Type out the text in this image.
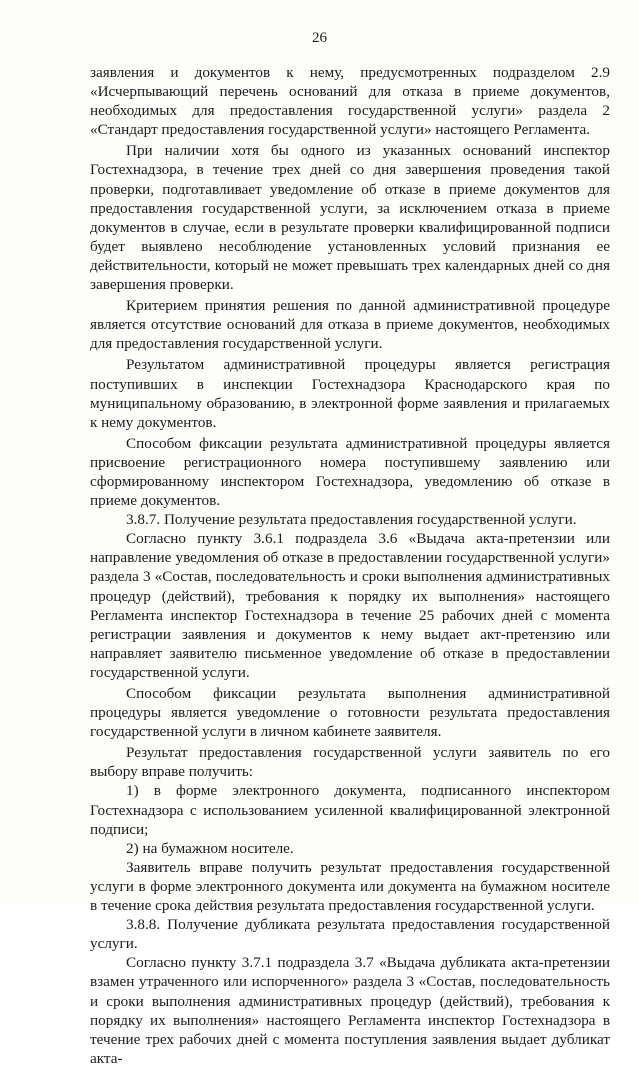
26

заявления и документов к нему, предусмотренных подразделом 2.9 «Исчерпывающий перечень оснований для отказа в приеме документов, необходимых для предоставления государственной услуги» раздела 2 «Стандарт предоставления государственной услуги» настоящего Регламента.

При наличии хотя бы одного из указанных оснований инспектор Гостехнадзора, в течение трех дней со дня завершения проведения такой проверки, подготавливает уведомление об отказе в приеме документов для предоставления государственной услуги, за исключением отказа в приеме документов в случае, если в результате проверки квалифицированной подписи будет выявлено несоблюдение установленных условий признания ее действительности, который не может превышать трех календарных дней со дня завершения проверки.

Критерием принятия решения по данной административной процедуре является отсутствие оснований для отказа в приеме документов, необходимых для предоставления государственной услуги.

Результатом административной процедуры является регистрация поступивших в инспекции Гостехнадзора Краснодарского края по муниципальному образованию, в электронной форме заявления и прилагаемых к нему документов.

Способом фиксации результата административной процедуры является присвоение регистрационного номера поступившему заявлению или сформированному инспектором Гостехнадзора, уведомлению об отказе в приеме документов.

3.8.7. Получение результата предоставления государственной услуги.

Согласно пункту 3.6.1 подраздела 3.6 «Выдача акта-претензии или направление уведомления об отказе в предоставлении государственной услуги» раздела 3 «Состав, последовательность и сроки выполнения административных процедур (действий), требования к порядку их выполнения» настоящего Регламента инспектор Гостехнадзора в течение 25 рабочих дней с момента регистрации заявления и документов к нему выдает акт-претензию или направляет заявителю письменное уведомление об отказе в предоставлении государственной услуги.

Способом фиксации результата выполнения административной процедуры является уведомление о готовности результата предоставления государственной услуги в личном кабинете заявителя.

Результат предоставления государственной услуги заявитель по его выбору вправе получить:

1) в форме электронного документа, подписанного инспектором Гостехнадзора с использованием усиленной квалифицированной электронной подписи;

2) на бумажном носителе.

Заявитель вправе получить результат предоставления государственной услуги в форме электронного документа или документа на бумажном носителе в течение срока действия результата предоставления государственной услуги.

3.8.8. Получение дубликата результата предоставления государственной услуги.

Согласно пункту 3.7.1 подраздела 3.7 «Выдача дубликата акта-претензии взамен утраченного или испорченного» раздела 3 «Состав, последовательность и сроки выполнения административных процедур (действий), требования к порядку их выполнения» настоящего Регламента инспектор Гостехнадзора в течение трех рабочих дней с момента поступления заявления выдает дубликат акта-
